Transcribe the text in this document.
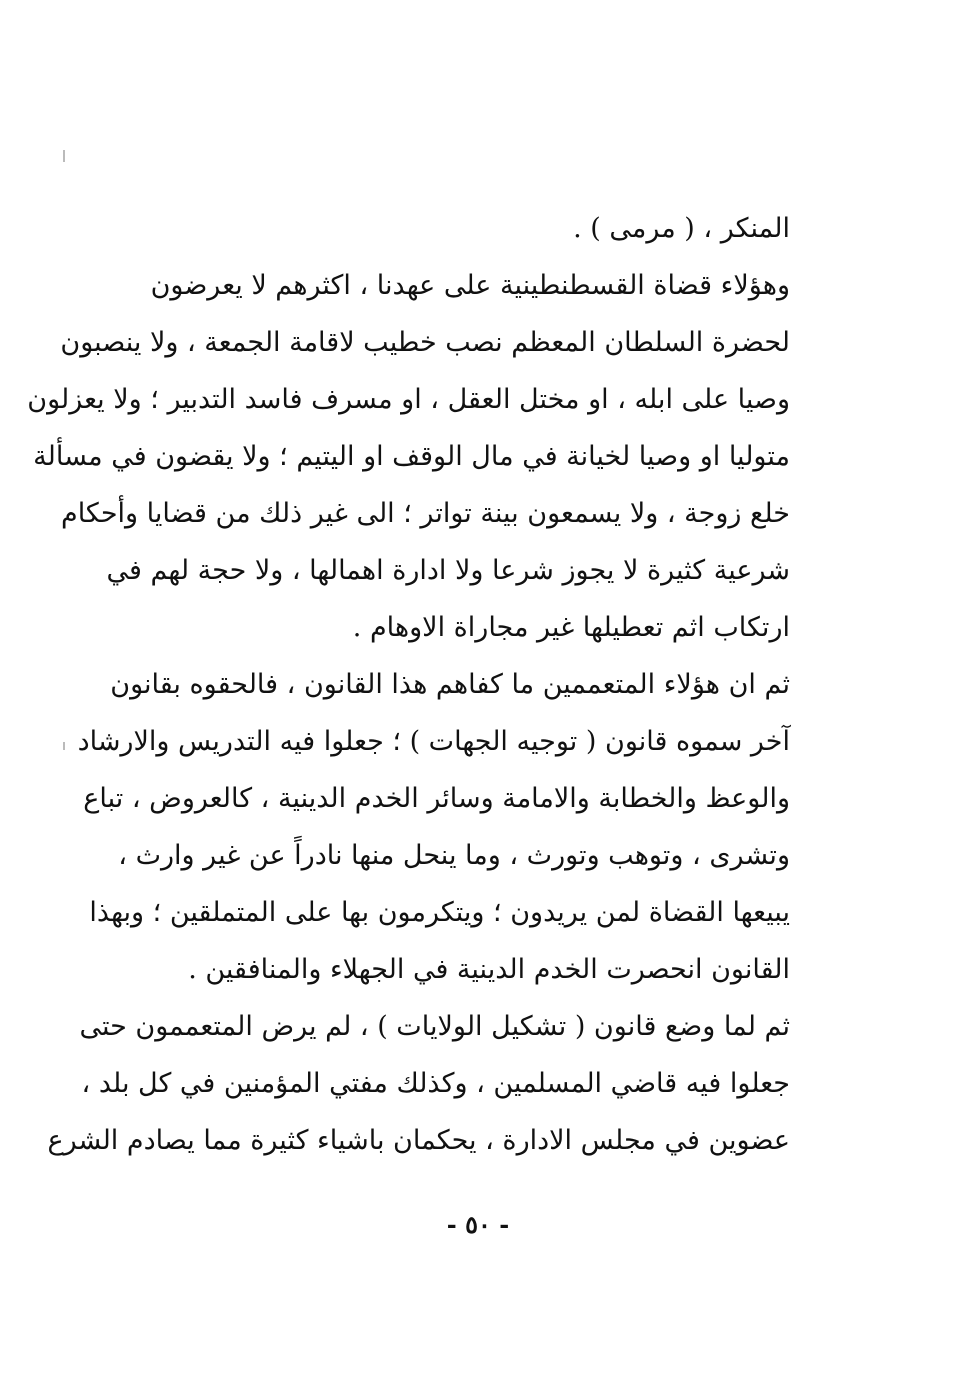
المنكر ، ( مرمى ) .
وهؤلاء قضاة القسطنطينية على عهدنا ، اكثرهم لا يعرضون
لحضرة السلطان المعظم نصب خطيب لاقامة الجمعة ، ولا ينصبون
وصيا على ابله ، او مختل العقل ، او مسرف فاسد التدبير ؛ ولا يعزلون
متوليا او وصيا لخيانة في مال الوقف او اليتيم ؛ ولا يقضون في مسألة
خلع زوجة ، ولا يسمعون بينة تواتر ؛ الى غير ذلك من قضايا وأحكام
شرعية كثيرة لا يجوز شرعا ولا ادارة اهمالها ، ولا حجة لهم في
ارتكاب اثم تعطيلها غير مجاراة الاوهام .
ثم ان هؤلاء المتعممين ما كفاهم هذا القانون ، فالحقوه بقانون
آخر سموه قانون ( توجيه الجهات ) ؛ جعلوا فيه التدريس والارشاد
والوعظ والخطابة والامامة وسائر الخدم الدينية ، كالعروض ، تباع
وتشرى ، وتوهب وتورث ، وما ينحل منها نادراً عن غير وارث ،
يبيعها القضاة لمن يريدون ؛ ويتكرمون بها على المتملقين ؛ وبهذا
القانون انحصرت الخدم الدينية في الجهلاء والمنافقين .
ثم لما وضع قانون ( تشكيل الولايات ) ، لم يرض المتعممون حتى
جعلوا فيه قاضي المسلمين ، وكذلك مفتي المؤمنين في كل بلد ،
عضوين في مجلس الادارة ، يحكمان باشياء كثيرة مما يصادم الشرع
- ٥٠ -
